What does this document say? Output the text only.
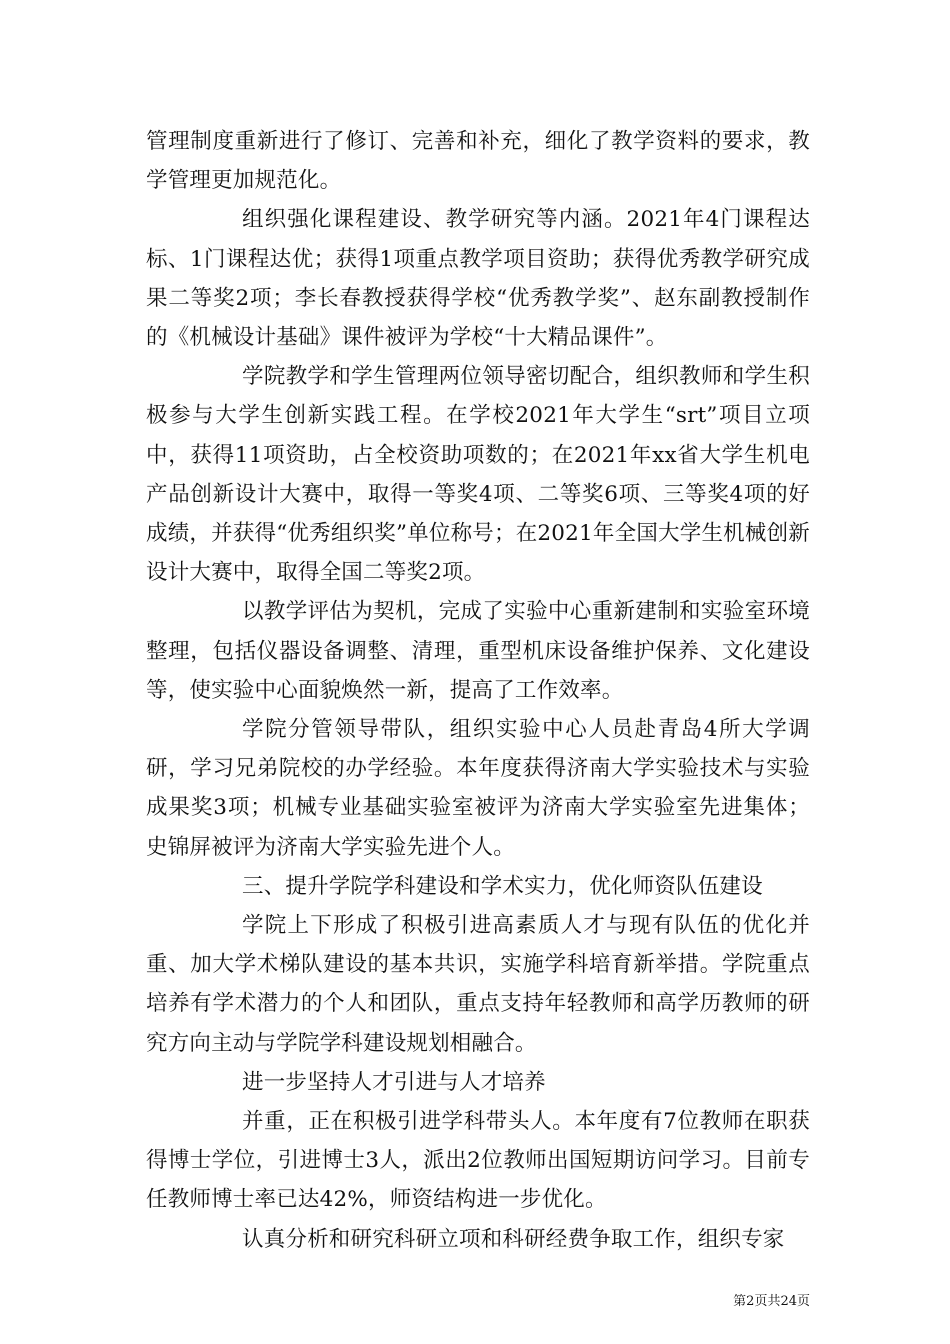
管理制度重新进行了修订、完善和补充，细化了教学资料的要求，教学管理更加规范化。

组织强化课程建设、教学研究等内涵。2021年4门课程达标、1门课程达优；获得1项重点教学项目资助；获得优秀教学研究成果二等奖2项；李长春教授获得学校“优秀教学奖”、赵东副教授制作的《机械设计基础》课件被评为学校“十大精品课件”。

学院教学和学生管理两位领导密切配合，组织教师和学生积极参与大学生创新实践工程。在学校2021年大学生“srt”项目立项中，获得11项资助，占全校资助项数的；在2021年xx省大学生机电产品创新设计大赛中，取得一等奖4项、二等奖6项、三等奖4项的好成绩，并获得“优秀组织奖”单位称号；在2021年全国大学生机械创新设计大赛中，取得全国二等奖2项。

以教学评估为契机，完成了实验中心重新建制和实验室环境整理，包括仪器设备调整、清理，重型机床设备维护保养、文化建设等，使实验中心面貌焕然一新，提高了工作效率。

学院分管领导带队，组织实验中心人员赴青岛4所大学调研，学习兄弟院校的办学经验。本年度获得济南大学实验技术与实验成果奖3项；机械专业基础实验室被评为济南大学实验室先进集体；史锦屏被评为济南大学实验先进个人。

三、提升学院学科建设和学术实力，优化师资队伍建设

学院上下形成了积极引进高素质人才与现有队伍的优化并重、加大学术梯队建设的基本共识，实施学科培育新举措。学院重点培养有学术潜力的个人和团队，重点支持年轻教师和高学历教师的研究方向主动与学院学科建设规划相融合。

进一步坚持人才引进与人才培养

并重，正在积极引进学科带头人。本年度有7位教师在职获得博士学位，引进博士3人，派出2位教师出国短期访问学习。目前专任教师博士率已达42%，师资结构进一步优化。

认真分析和研究科研立项和科研经费争取工作，组织专家

第2页共24页
